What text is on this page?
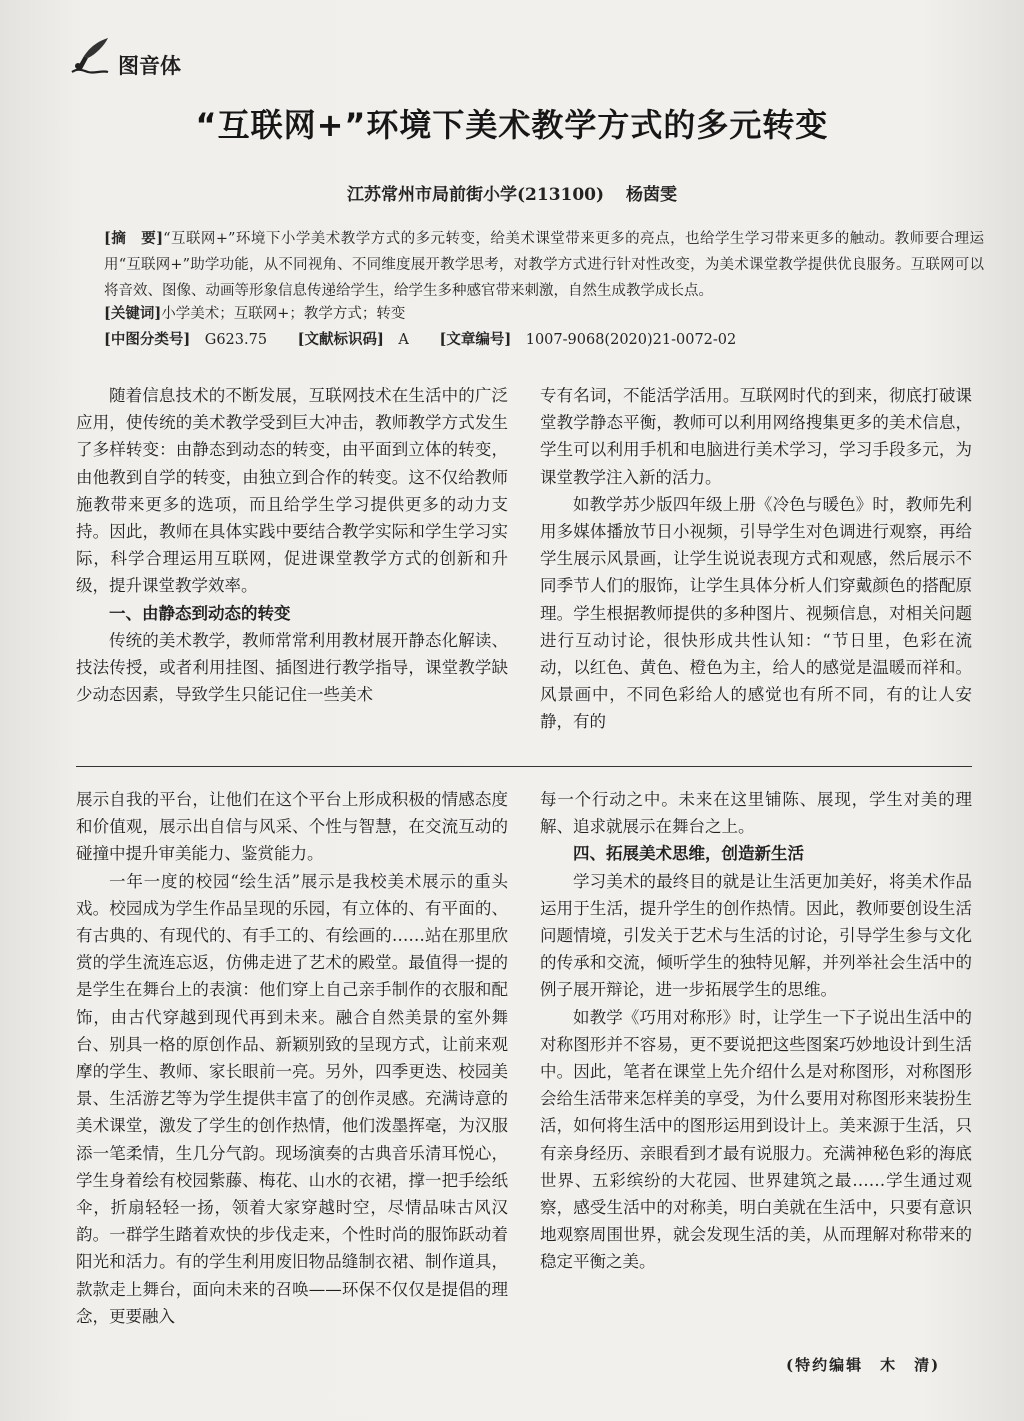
图音体
“互联网+”环境下美术教学方式的多元转变
江苏常州市局前街小学(213100) 杨茵雯
[摘　要]“互联网+”环境下小学美术教学方式的多元转变，给美术课堂带来更多的亮点，也给学生学习带来更多的触动。教师要合理运用“互联网+”助学功能，从不同视角、不同维度展开教学思考，对教学方式进行针对性改变，为美术课堂教学提供优良服务。互联网可以将音效、图像、动画等形象信息传递给学生，给学生多种感官带来刺激，自然生成教学成长点。
[关键词]小学美术；互联网+；教学方式；转变
[中图分类号]　 G623.75 [文献标识码]　 A [文章编号]　 1007-9068(2020)21-0072-02

随着信息技术的不断发展，互联网技术在生活中的广泛应用，使传统的美术教学受到巨大冲击，教师教学方式发生了多样转变：由静态到动态的转变，由平面到立体的转变，由他教到自学的转变，由独立到合作的转变。这不仅给教师施教带来更多的选项，而且给学生学习提供更多的动力支持。因此，教师在具体实践中要结合教学实际和学生学习实际，科学合理运用互联网，促进课堂教学方式的创新和升级，提升课堂教学效率。

一、由静态到动态的转变

传统的美术教学，教师常常利用教材展开静态化解读、技法传授，或者利用挂图、插图进行教学指导，课堂教学缺少动态因素，导致学生只能记住一些美术

专有名词，不能活学活用。互联网时代的到来，彻底打破课堂教学静态平衡，教师可以利用网络搜集更多的美术信息，学生可以利用手机和电脑进行美术学习，学习手段多元，为课堂教学注入新的活力。

如教学苏少版四年级上册《冷色与暖色》时，教师先利用多媒体播放节日小视频，引导学生对色调进行观察，再给学生展示风景画，让学生说说表现方式和观感，然后展示不同季节人们的服饰，让学生具体分析人们穿戴颜色的搭配原理。学生根据教师提供的多种图片、视频信息，对相关问题进行互动讨论，很快形成共性认知：“节日里，色彩在流动，以红色、黄色、橙色为主，给人的感觉是温暖而祥和。风景画中，不同色彩给人的感觉也有所不同，有的让人安静，有的

展示自我的平台，让他们在这个平台上形成积极的情感态度和价值观，展示出自信与风采、个性与智慧，在交流互动的碰撞中提升审美能力、鉴赏能力。

一年一度的校园“绘生活”展示是我校美术展示的重头戏。校园成为学生作品呈现的乐园，有立体的、有平面的、有古典的、有现代的、有手工的、有绘画的……站在那里欣赏的学生流连忘返，仿佛走进了艺术的殿堂。最值得一提的是学生在舞台上的表演：他们穿上自己亲手制作的衣服和配饰，由古代穿越到现代再到未来。融合自然美景的室外舞台、别具一格的原创作品、新颖别致的呈现方式，让前来观摩的学生、教师、家长眼前一亮。另外，四季更迭、校园美景、生活游艺等为学生提供丰富了的创作灵感。充满诗意的美术课堂，激发了学生的创作热情，他们泼墨挥毫，为汉服添一笔柔情，生几分气韵。现场演奏的古典音乐清耳悦心，学生身着绘有校园紫藤、梅花、山水的衣裙，撑一把手绘纸伞，折扇轻轻一扬，领着大家穿越时空，尽情品味古风汉韵。一群学生踏着欢快的步伐走来，个性时尚的服饰跃动着阳光和活力。有的学生利用废旧物品缝制衣裙、制作道具，款款走上舞台，面向未来的召唤——环保不仅仅是提倡的理念，更要融入

每一个行动之中。未来在这里铺陈、展现，学生对美的理解、追求就展示在舞台之上。

四、拓展美术思维，创造新生活

学习美术的最终目的就是让生活更加美好，将美术作品运用于生活，提升学生的创作热情。因此，教师要创设生活问题情境，引发关于艺术与生活的讨论，引导学生参与文化的传承和交流，倾听学生的独特见解，并列举社会生活中的例子展开辩论，进一步拓展学生的思维。

如教学《巧用对称形》时，让学生一下子说出生活中的对称图形并不容易，更不要说把这些图案巧妙地设计到生活中。因此，笔者在课堂上先介绍什么是对称图形，对称图形会给生活带来怎样美的享受，为什么要用对称图形来装扮生活，如何将生活中的图形运用到设计上。美来源于生活，只有亲身经历、亲眼看到才最有说服力。充满神秘色彩的海底世界、五彩缤纷的大花园、世界建筑之最……学生通过观察，感受生活中的对称美，明白美就在生活中，只要有意识地观察周围世界，就会发现生活的美，从而理解对称带来的稳定平衡之美。

(特约编辑　木　清)
